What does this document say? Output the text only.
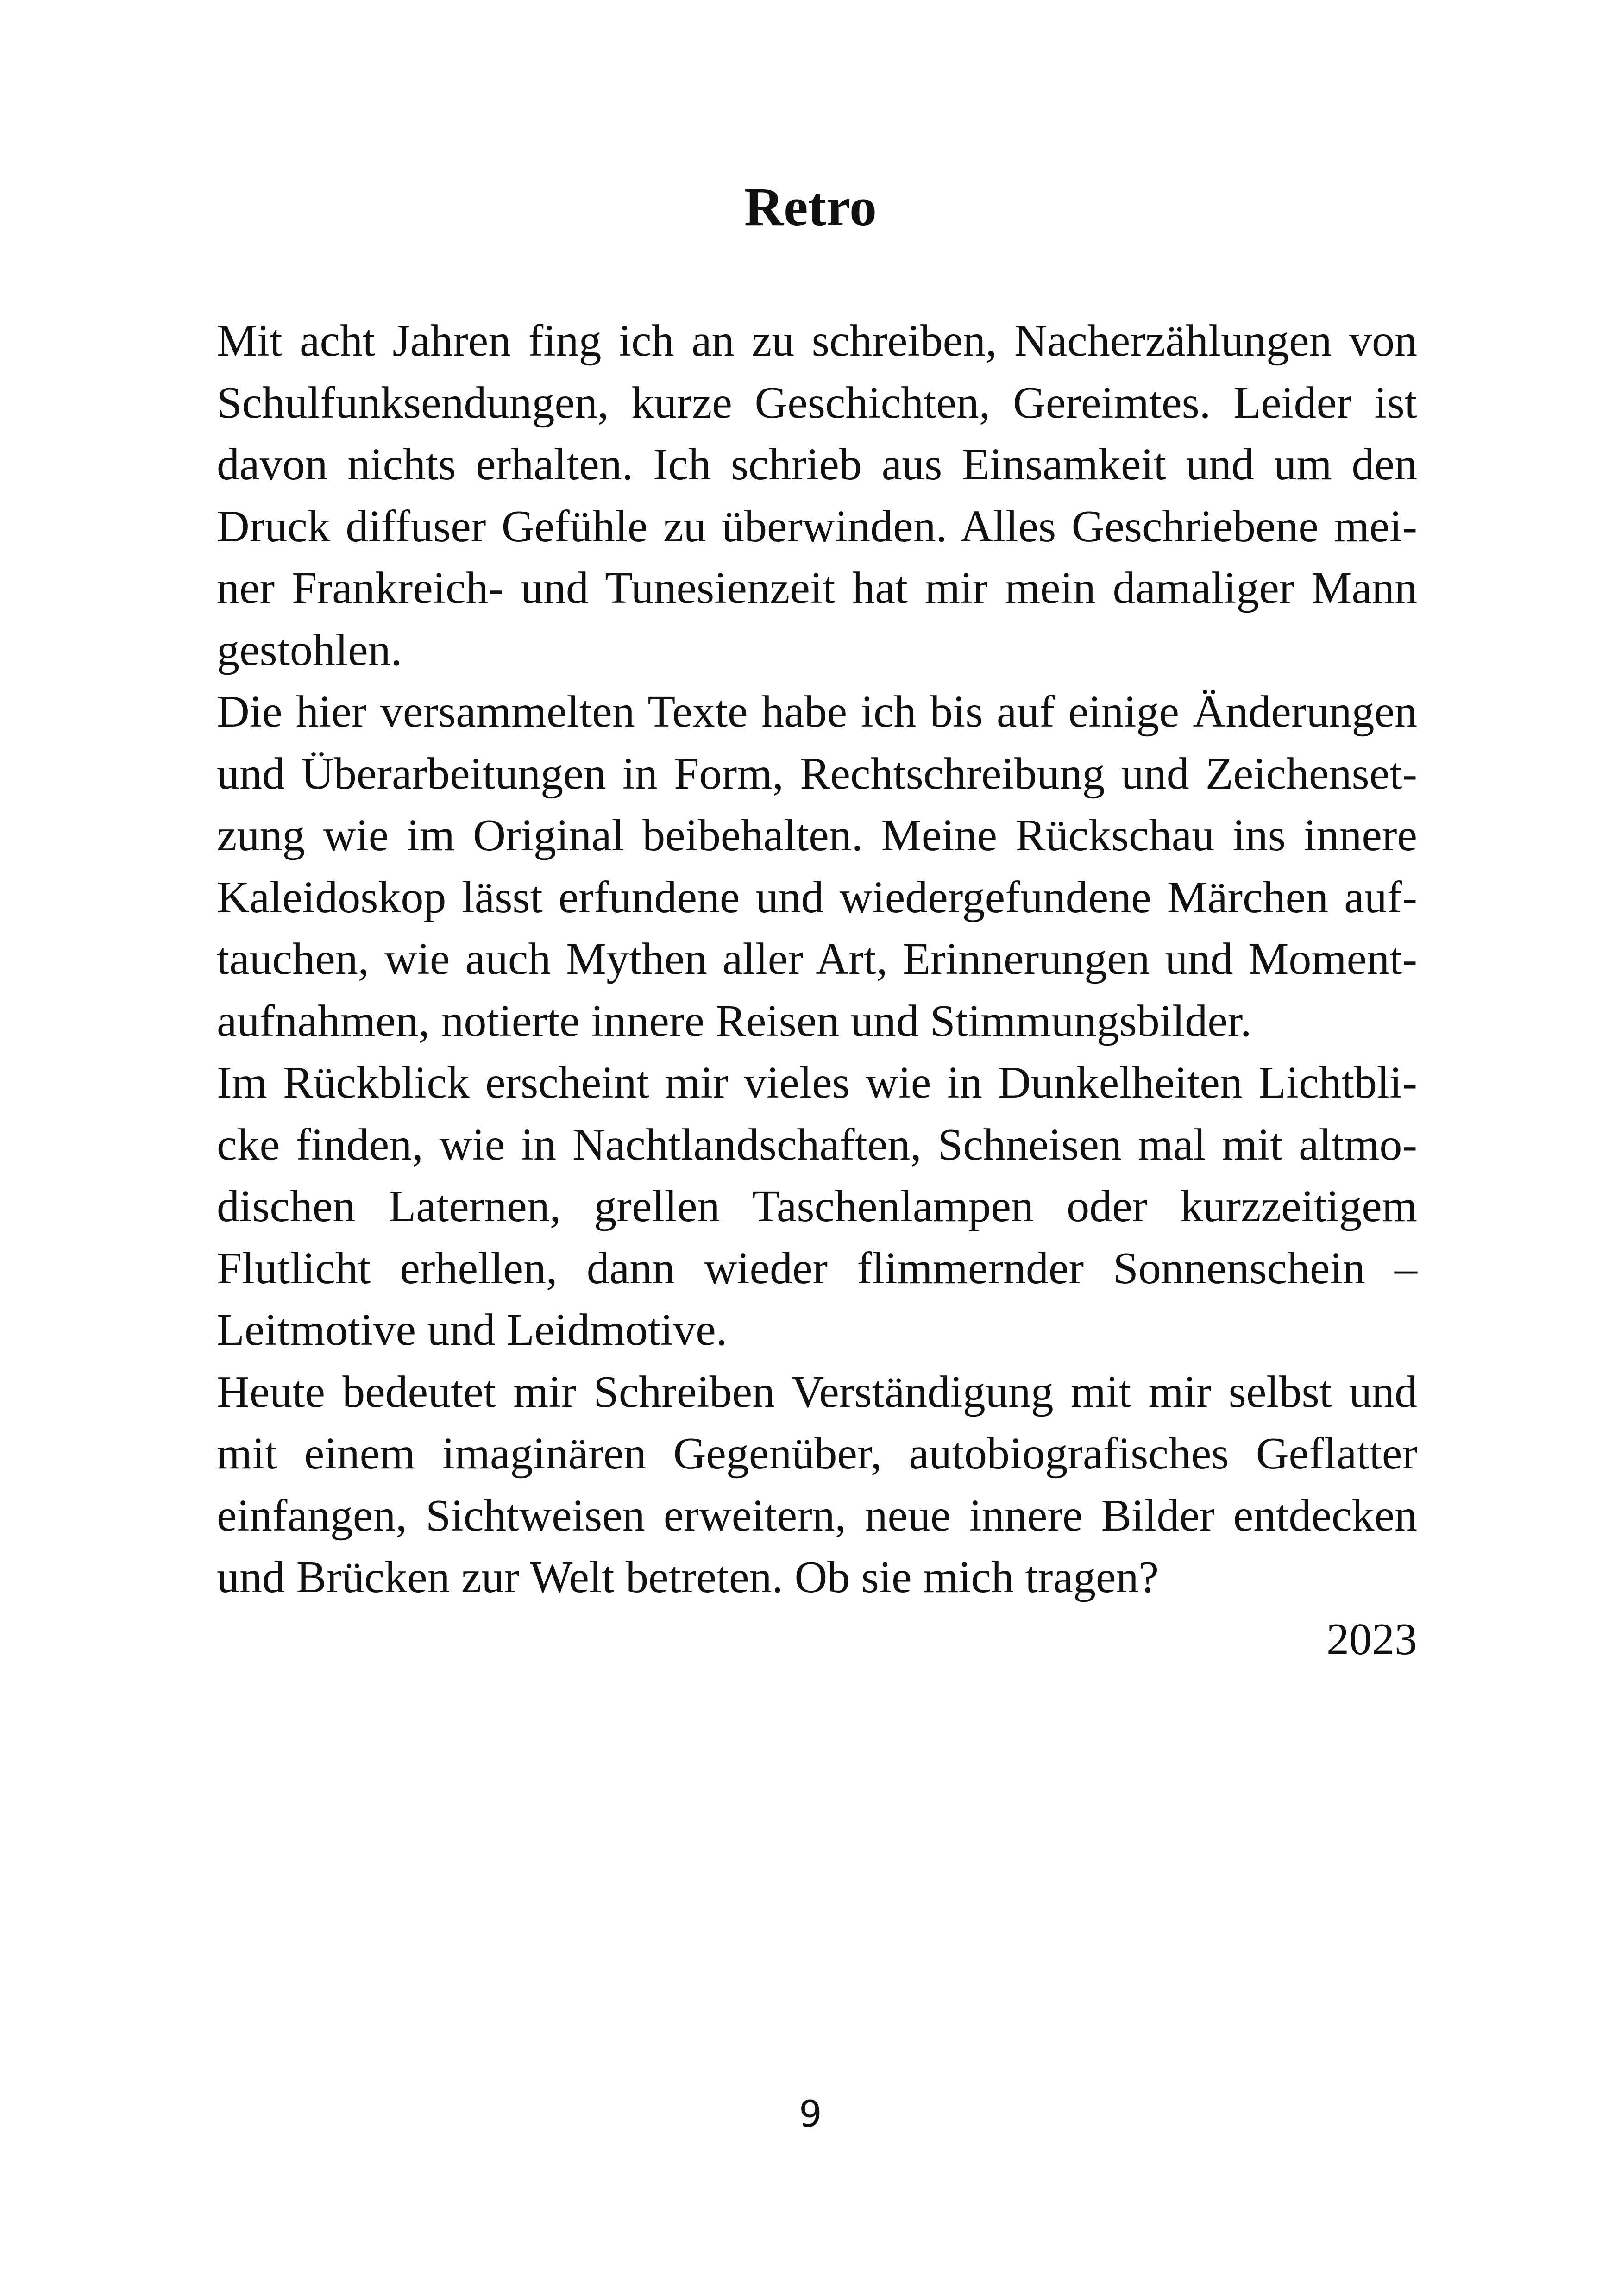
Retro
Mit acht Jahren fing ich an zu schreiben, Nacherzählungen von
Schulfunksendungen, kurze Geschichten, Gereimtes. Leider ist
davon nichts erhalten. Ich schrieb aus Einsamkeit und um den
Druck diffuser Gefühle zu überwinden. Alles Geschriebene mei-
ner Frankreich- und Tunesienzeit hat mir mein damaliger Mann
gestohlen.
Die hier versammelten Texte habe ich bis auf einige Änderungen
und Überarbeitungen in Form, Rechtschreibung und Zeichenset-
zung wie im Original beibehalten. Meine Rückschau ins innere
Kaleidoskop lässt erfundene und wiedergefundene Märchen auf-
tauchen, wie auch Mythen aller Art, Erinnerungen und Moment-
aufnahmen, notierte innere Reisen und Stimmungsbilder.
Im Rückblick erscheint mir vieles wie in Dunkelheiten Lichtbli-
cke finden, wie in Nachtlandschaften, Schneisen mal mit altmo-
dischen Laternen, grellen Taschenlampen oder kurzzeitigem
Flutlicht erhellen, dann wieder flimmernder Sonnenschein –
Leitmotive und Leidmotive.
Heute bedeutet mir Schreiben Verständigung mit mir selbst und
mit einem imaginären Gegenüber, autobiografisches Geflatter
einfangen, Sichtweisen erweitern, neue innere Bilder entdecken
und Brücken zur Welt betreten. Ob sie mich tragen?
2023
9
